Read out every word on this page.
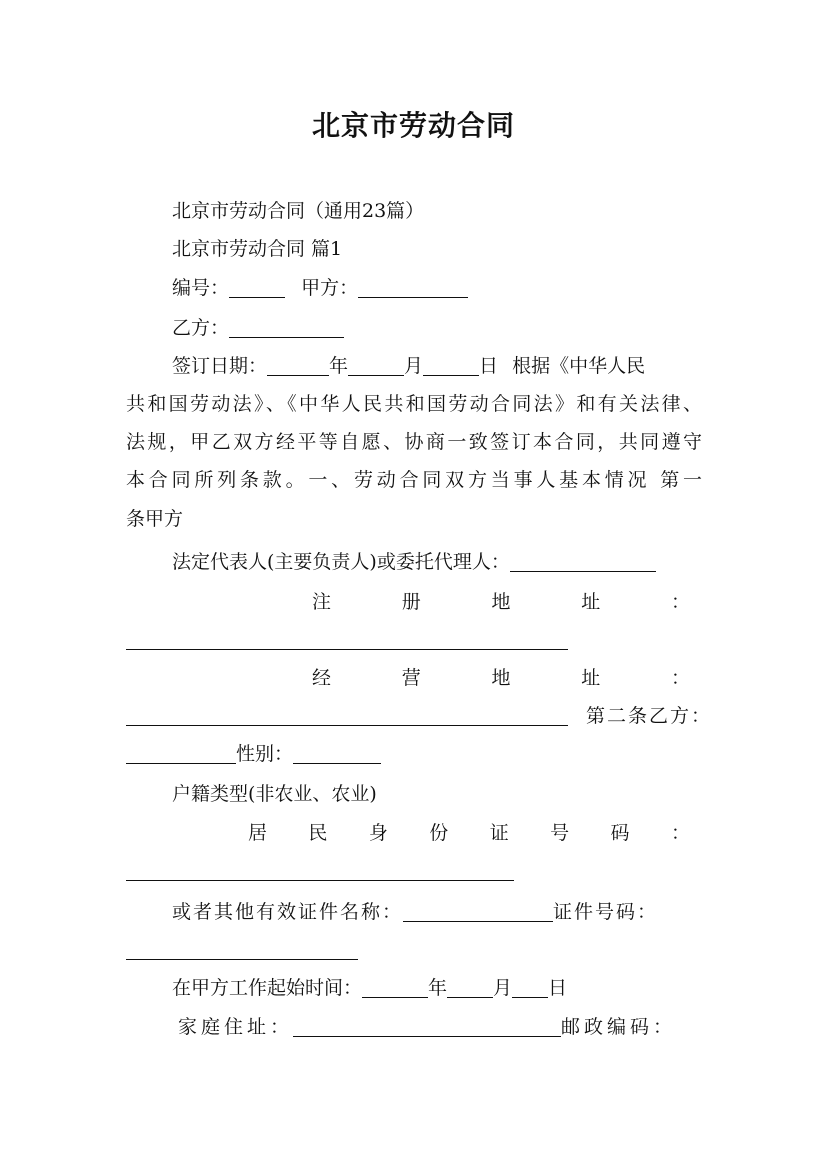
北京市劳动合同
北京市劳动合同（通用23篇）
北京市劳动合同 篇1
编号：	甲方：
乙方：
签订日期：	年	月	日 根据《中华人民
共和国劳动法》、《中华人民共和国劳动合同法》和有关法律、
法规，甲乙双方经平等自愿、协商一致签订本合同，共同遵守
本合同所列条款。一、劳动合同双方当事人基本情况 第一
条甲方
法定代表人(主要负责人)或委托代理人：
注	册	地	址	：
经	营	地	址	：
第二条乙方：
性别：
户籍类型(非农业、农业)
居 民 身 份 证 号 码 ：
或者其他有效证件名称：	证件号码：
在甲方工作起始时间：	年 月 日
家庭住址：	邮政编码：
